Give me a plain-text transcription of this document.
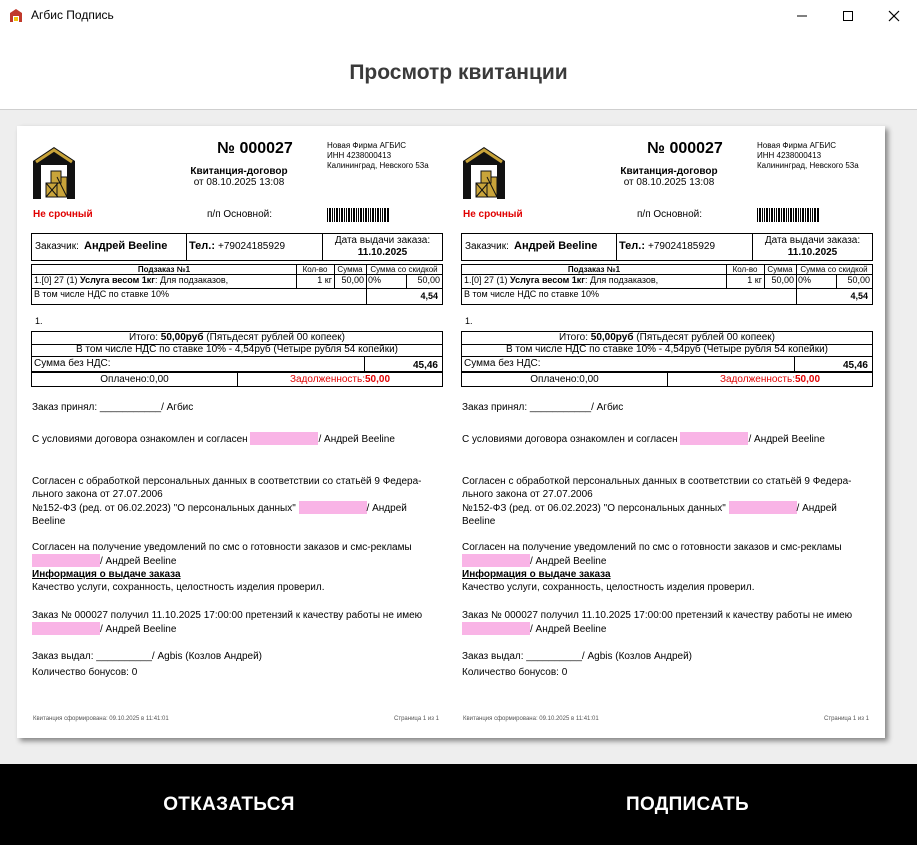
Агбис Подпись
Просмотр квитанции
№ 000027
Квитанция-договор
от 08.10.2025 13:08
Новая Фирма АГБИС
ИНН 4238000413
Калининград, Невского 53а
Не срочный	п/п Основной:
Заказчик: Андрей Beeline Тел.: +79024185929
Дата выдачи заказа:
11.10.2025
Подзаказ №1	Кол-во	Сумма Сумма со скидкой
1.[0] 27 (1) Услуга весом 1кг: Для подзаказов,	1 кг	50,00 0%	50,00
В том числе НДС по ставке 10%	4,54
1.
Итого: 50,00руб (Пятьдесят рублей 00 копеек)
В том числе НДС по ставке 10% - 4,54руб (Четыре рубля 54 копейки)
Сумма без НДС:	45,46
Оплачено:0,00	Задолженность:50,00
Заказ принял: ___________/ Агбис
С условиями договора ознакомлен и согласен	/ Андрей Beeline
Согласен с обработкой персональных данных в соответствии со статьёй 9 Федера-
льного закона от 27.07.2006
№152-ФЗ (ред. от 06.02.2023) "О персональных данных"	/ Андрей
Beeline
Согласен на получение уведомлений по смс о готовности заказов и смс-рекламы
/ Андрей Beeline
Информация о выдаче заказа
Качество услуги, сохранность, целостность изделия проверил.
Заказ № 000027 получил 11.10.2025 17:00:00 претензий к качеству работы не имею
/ Андрей Beeline
Заказ выдал: __________/ Agbis (Козлов Андрей)
Количество бонусов: 0
Квитанция сформирована: 09.10.2025 в 11:41:01	Страница 1 из 1
№ 000027
Квитанция-договор
от 08.10.2025 13:08
Новая Фирма АГБИС
ИНН 4238000413
Калининград, Невского 53а
Не срочный	п/п Основной:
Заказчик: Андрей Beeline Тел.: +79024185929
Дата выдачи заказа:
11.10.2025
Подзаказ №1	Кол-во	Сумма Сумма со скидкой
1.[0] 27 (1) Услуга весом 1кг: Для подзаказов,	1 кг	50,00 0%	50,00
В том числе НДС по ставке 10%	4,54
1.
Итого: 50,00руб (Пятьдесят рублей 00 копеек)
В том числе НДС по ставке 10% - 4,54руб (Четыре рубля 54 копейки)
Сумма без НДС:	45,46
Оплачено:0,00	Задолженность:50,00
Заказ принял: ___________/ Агбис
С условиями договора ознакомлен и согласен	/ Андрей Beeline
Согласен с обработкой персональных данных в соответствии со статьёй 9 Федера-
льного закона от 27.07.2006
№152-ФЗ (ред. от 06.02.2023) "О персональных данных"	/ Андрей
Beeline
Согласен на получение уведомлений по смс о готовности заказов и смс-рекламы
/ Андрей Beeline
Информация о выдаче заказа
Качество услуги, сохранность, целостность изделия проверил.
Заказ № 000027 получил 11.10.2025 17:00:00 претензий к качеству работы не имею
/ Андрей Beeline
Заказ выдал: __________/ Agbis (Козлов Андрей)
Количество бонусов: 0
Квитанция сформирована: 09.10.2025 в 11:41:01	Страница 1 из 1
ОТКАЗАТЬСЯ	ПОДПИСАТЬ
